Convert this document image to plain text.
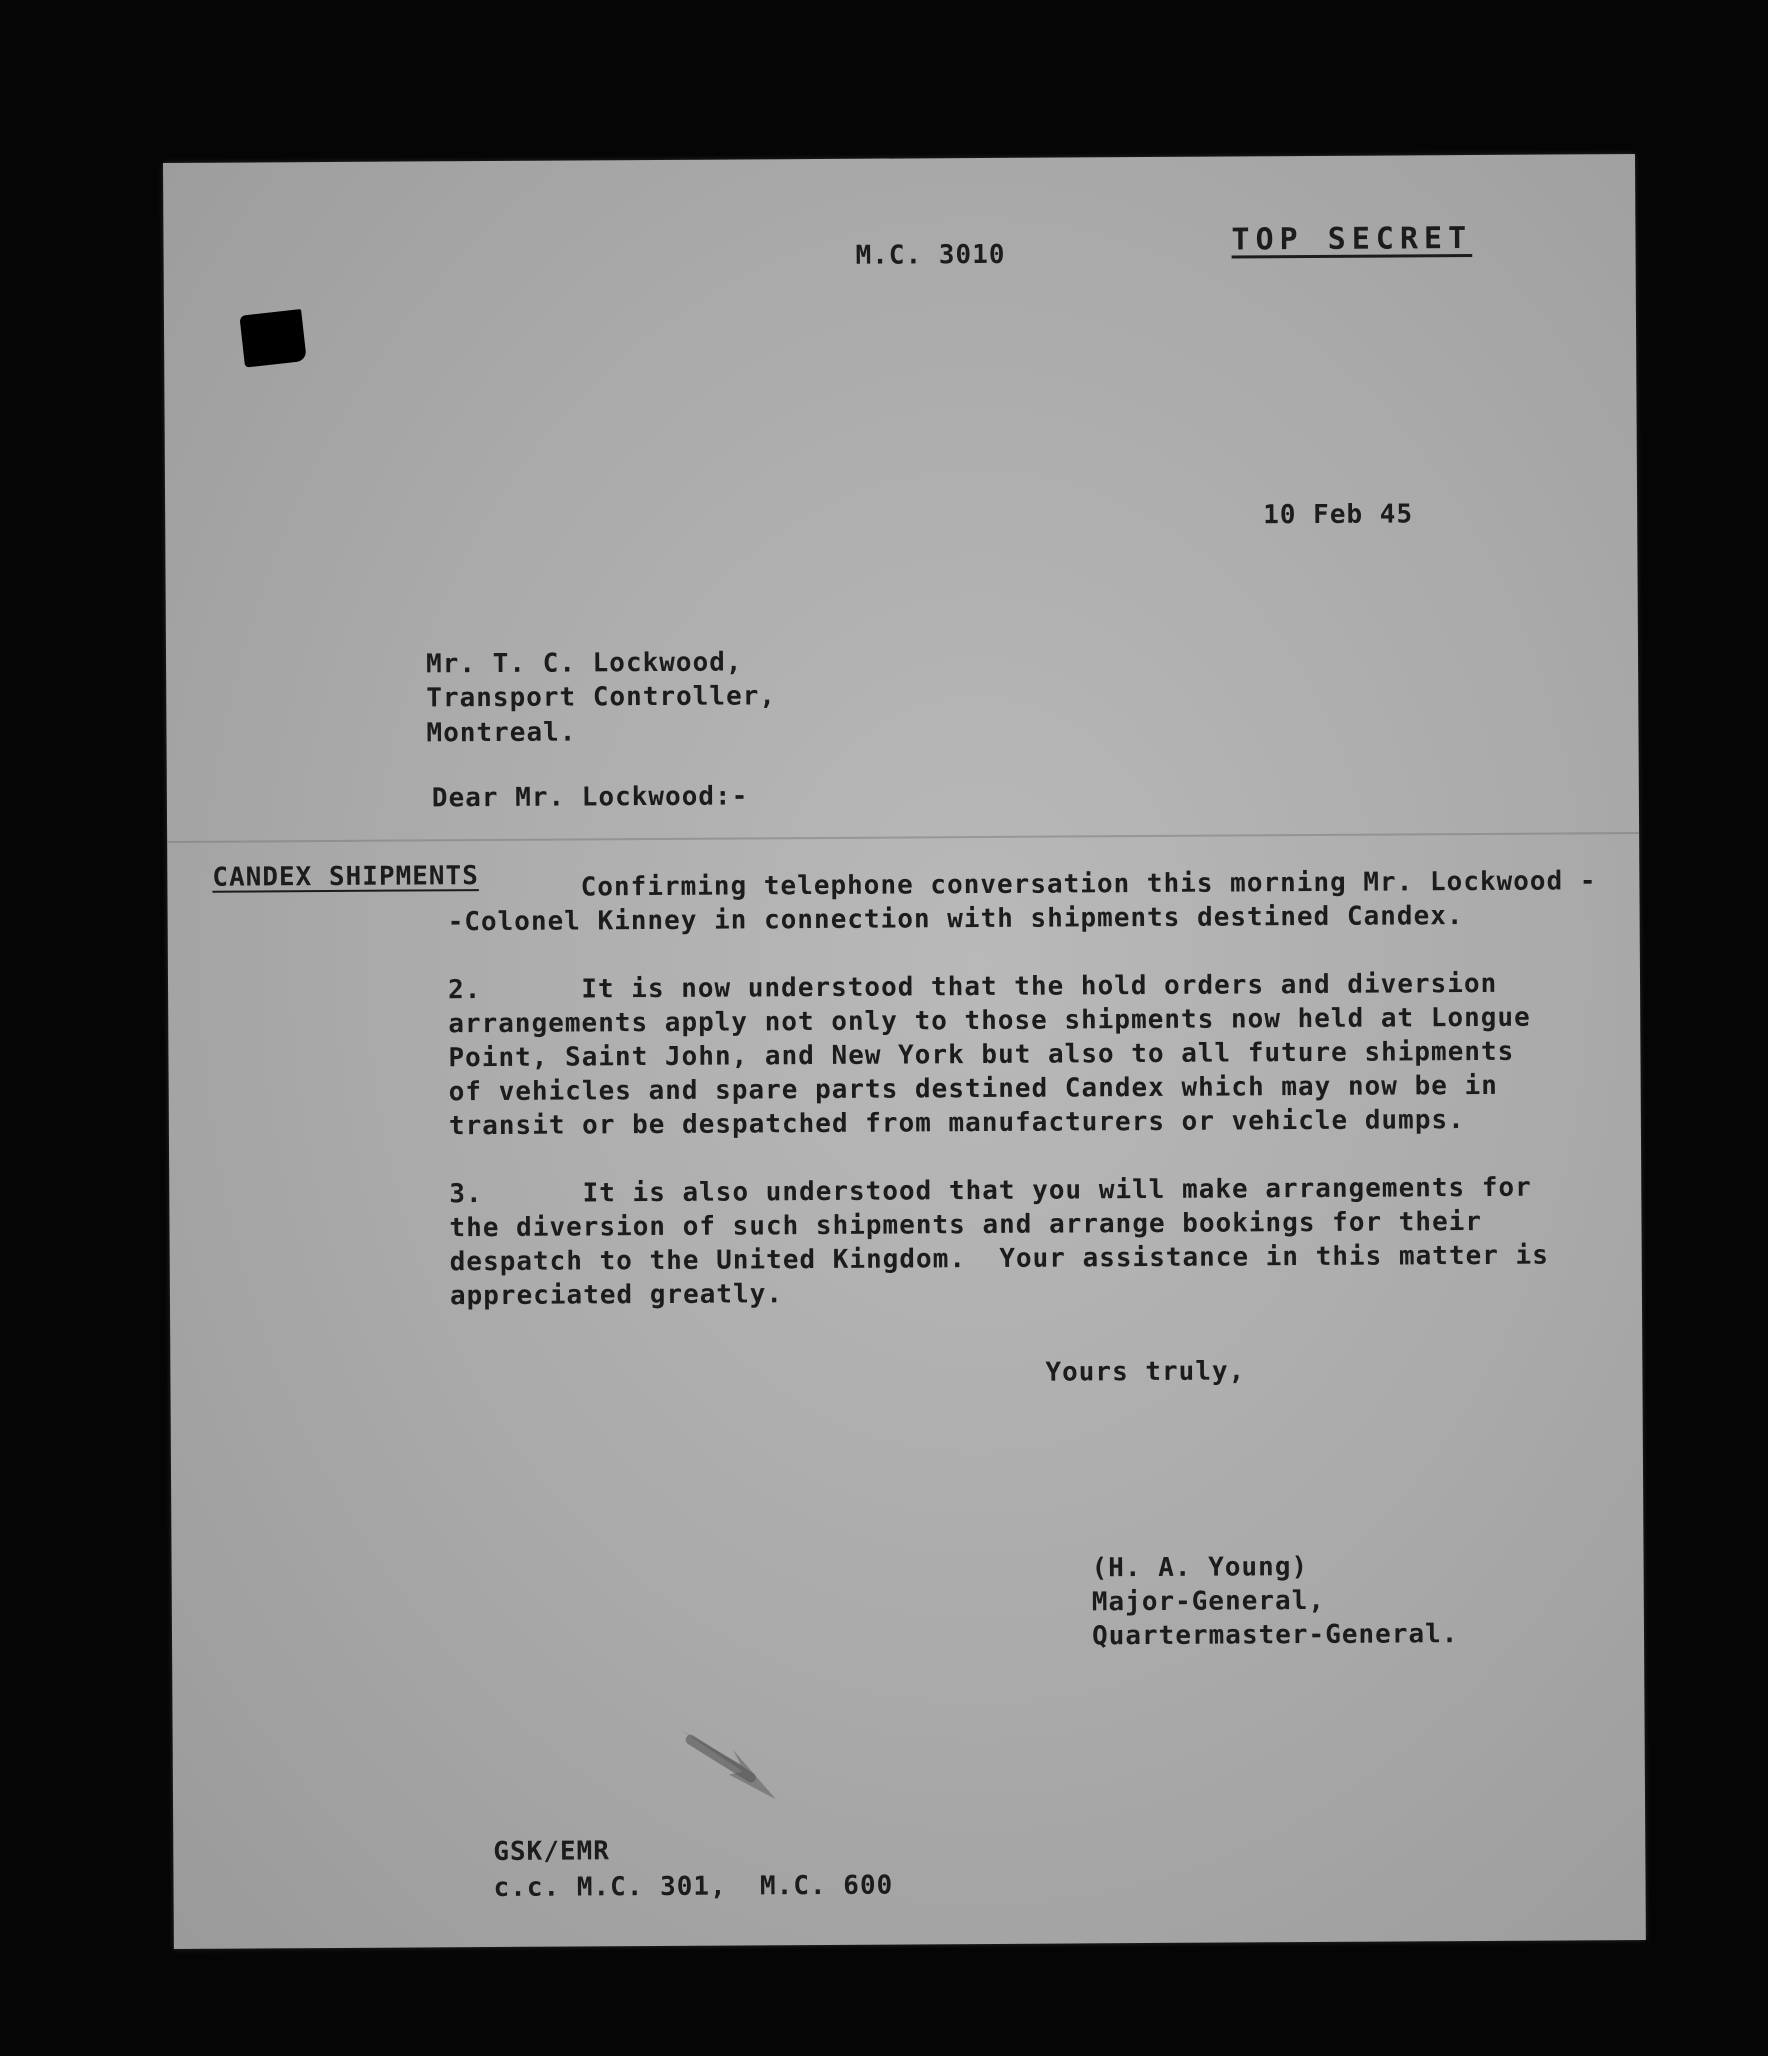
M.C. 3010	TOP SECRET
10 Feb 45
Mr. T. C. Lockwood,
Transport Controller,
Montreal.
Dear Mr. Lockwood:-
CANDEX SHIPMENTS
Confirming telephone conversation this morning Mr. Lockwood -
-Colonel Kinney in connection with shipments destined Candex.
2.      It is now understood that the hold orders and diversion
arrangements apply not only to those shipments now held at Longue
Point, Saint John, and New York but also to all future shipments
of vehicles and spare parts destined Candex which may now be in
transit or be despatched from manufacturers or vehicle dumps.
3.      It is also understood that you will make arrangements for
the diversion of such shipments and arrange bookings for their
despatch to the United Kingdom.  Your assistance in this matter is
appreciated greatly.
Yours truly,
(H. A. Young)
Major-General,
Quartermaster-General.
GSK/EMR
c.c. M.C. 301,  M.C. 600
